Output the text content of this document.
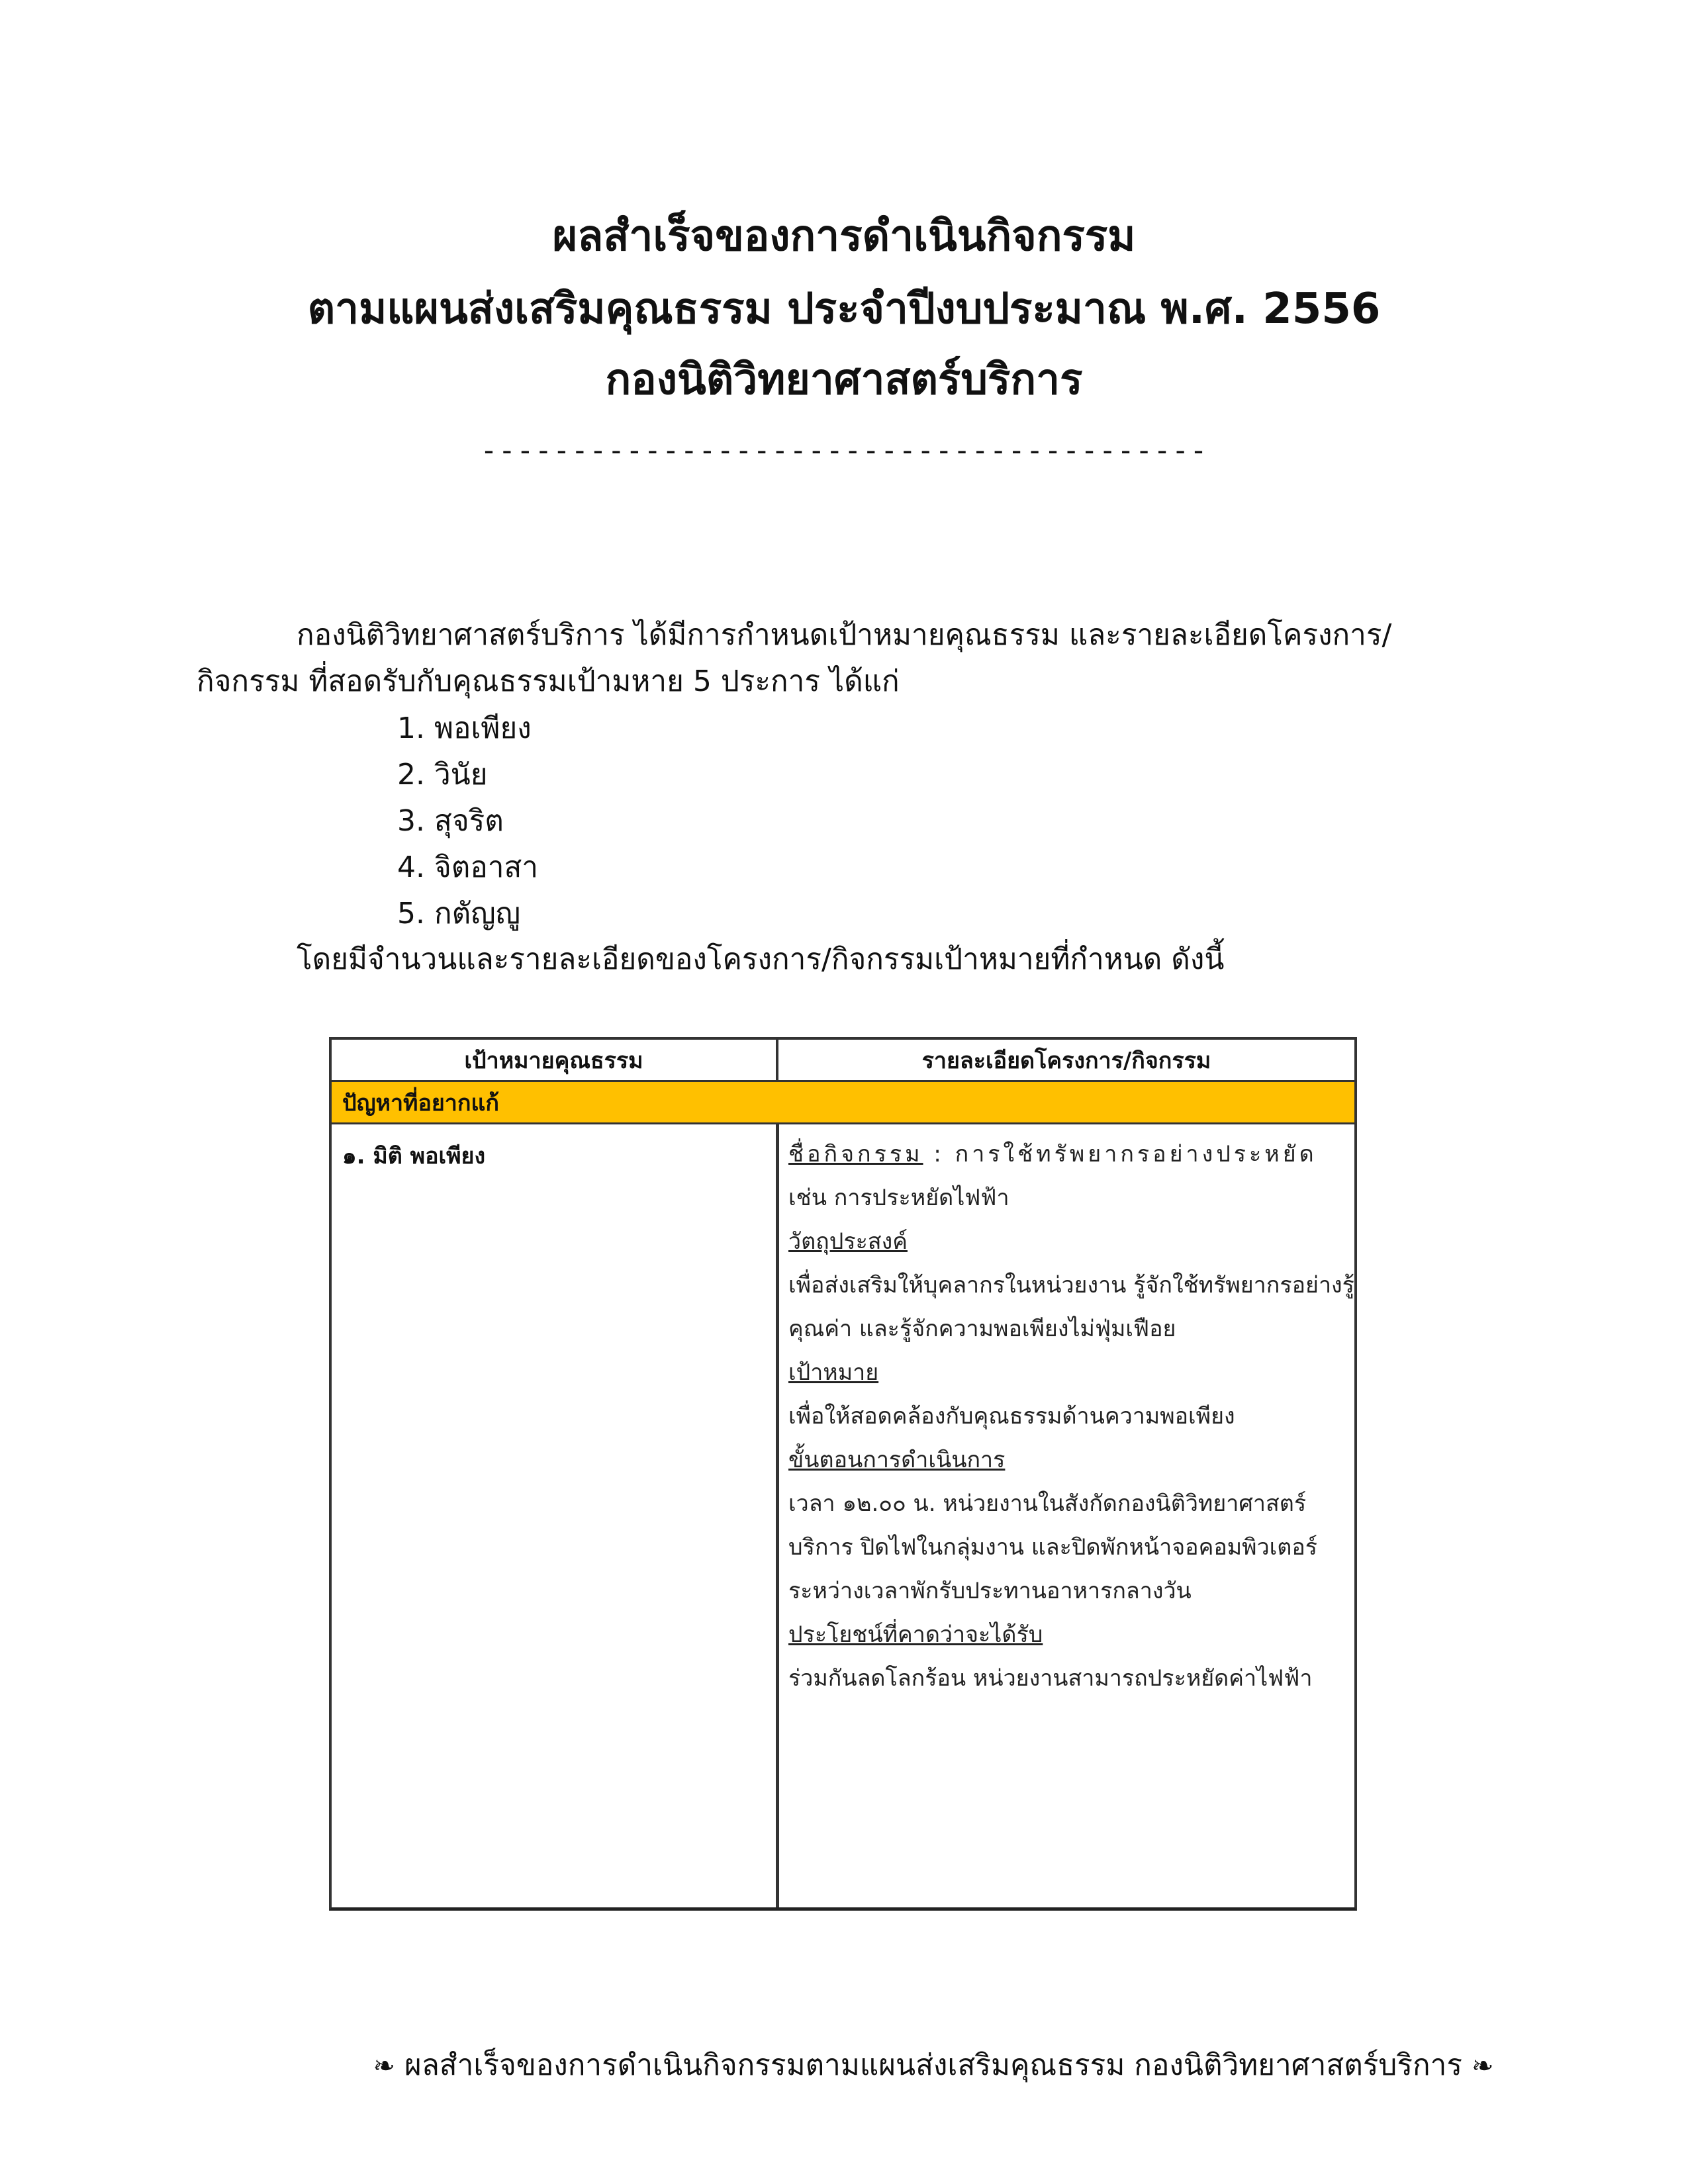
ผลสำเร็จของการดำเนินกิจกรรม
ตามแผนส่งเสริมคุณธรรม ประจำปีงบประมาณ พ.ศ. 2556
กองนิติวิทยาศาสตร์บริการ
----------------------------------------
กองนิติวิทยาศาสตร์บริการ ได้มีการกำหนดเป้าหมายคุณธรรม และรายละเอียดโครงการ/
กิจกรรม ที่สอดรับกับคุณธรรมเป้ามหาย 5 ประการ ได้แก่
1. พอเพียง
2. วินัย
3. สุจริต
4. จิตอาสา
5. กตัญญู
โดยมีจำนวนและรายละเอียดของโครงการ/กิจกรรมเป้าหมายที่กำหนด ดังนี้
เป้าหมายคุณธรรม	รายละเอียดโครงการ/กิจกรรม
ปัญหาที่อยากแก้
๑. มิติ พอเพียง	ชื่อกิจกรรม : การใช้ทรัพยากรอย่างประหยัด
เช่น การประหยัดไฟฟ้า
วัตถุประสงค์
เพื่อส่งเสริมให้บุคลากรในหน่วยงาน รู้จักใช้ทรัพยากรอย่างรู้
คุณค่า และรู้จักความพอเพียงไม่ฟุ่มเฟือย
เป้าหมาย
เพื่อให้สอดคล้องกับคุณธรรมด้านความพอเพียง
ขั้นตอนการดำเนินการ
เวลา ๑๒.๐๐ น. หน่วยงานในสังกัดกองนิติวิทยาศาสตร์
บริการ ปิดไฟในกลุ่มงาน และปิดพักหน้าจอคอมพิวเตอร์
ระหว่างเวลาพักรับประทานอาหารกลางวัน
ประโยชน์ที่คาดว่าจะได้รับ
ร่วมกันลดโลกร้อน หน่วยงานสามารถประหยัดค่าไฟฟ้า
❧ ผลสำเร็จของการดำเนินกิจกรรมตามแผนส่งเสริมคุณธรรม กองนิติวิทยาศาสตร์บริการ ❧
